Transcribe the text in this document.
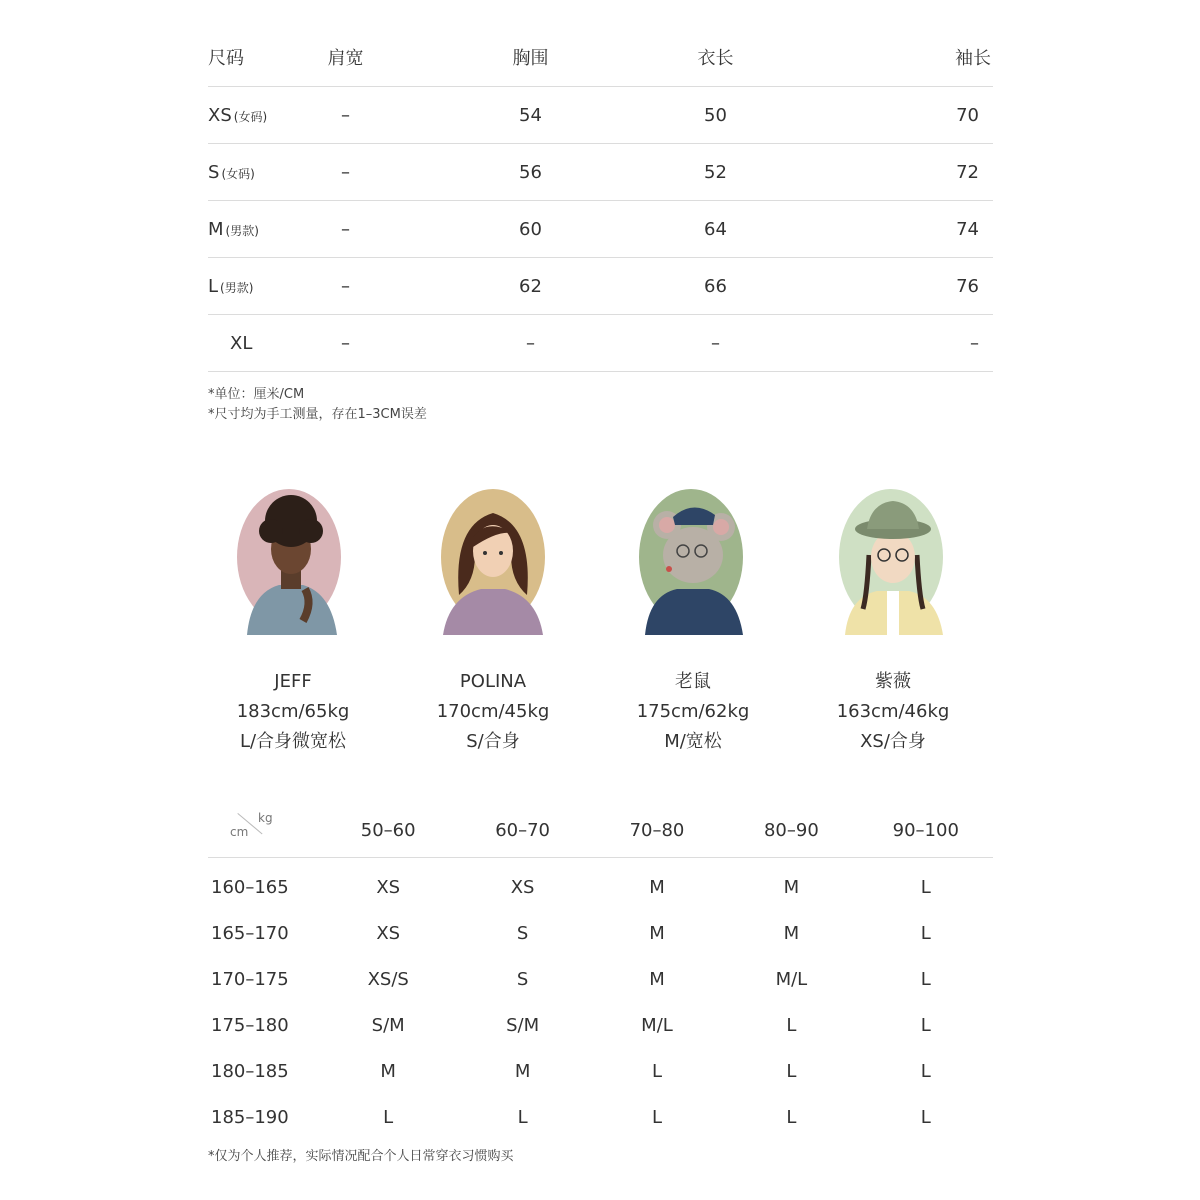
尺码	肩宽	胸围	衣长	袖长
XS (女码)	–	54	50	70
S (女码)	–	56	52	72
M (男款)	–	60	64	74
L (男款)	–	62	66	76
XL	–	–	–	–
*单位：厘米/CM
*尺寸均为手工测量，存在1–3CM误差
JEFF
183cm/65kg
L/合身微宽松
POLINA
170cm/45kg
S/合身
老鼠
175cm/62kg
M/宽松
紫薇
163cm/46kg
XS/合身
kg
cm	50–60	60–70	70–80	80–90	90–100
160–165	XS	XS	M	M	L
165–170	XS	S	M	M	L
170–175	XS/S	S	M	M/L	L
175–180	S/M	S/M	M/L	L	L
180–185	M	M	L	L	L
185–190	L	L	L	L	L
*仅为个人推荐，实际情况配合个人日常穿衣习惯购买
